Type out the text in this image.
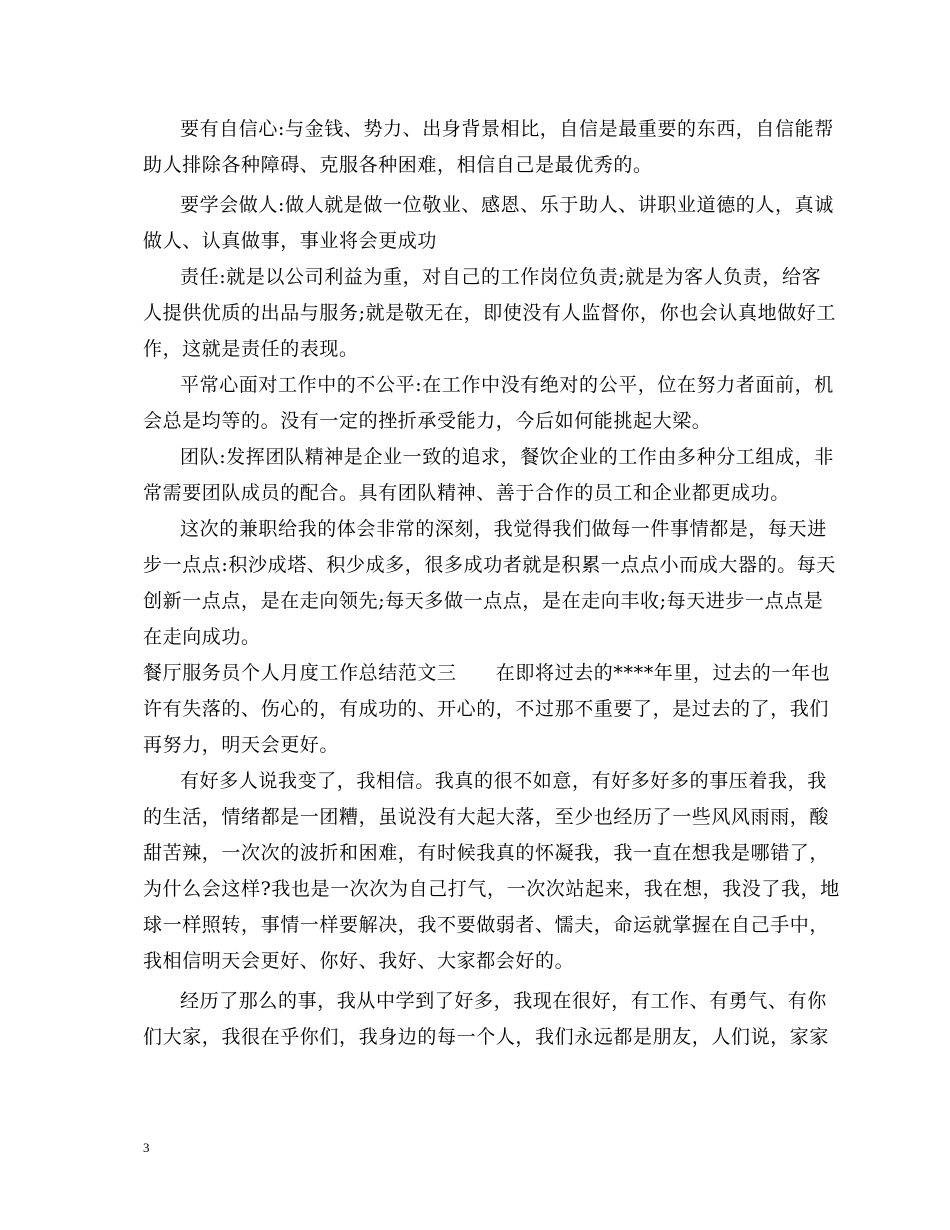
要有自信心:与金钱、势力、出身背景相比，自信是最重要的东西，自信能帮
助人排除各种障碍、克服各种困难，相信自己是最优秀的。
要学会做人:做人就是做一位敬业、感恩、乐于助人、讲职业道德的人，真诚
做人、认真做事，事业将会更成功
责任:就是以公司利益为重，对自己的工作岗位负责;就是为客人负责，给客
人提供优质的出品与服务;就是敬无在，即使没有人监督你，你也会认真地做好工
作，这就是责任的表现。
平常心面对工作中的不公平:在工作中没有绝对的公平，位在努力者面前，机
会总是均等的。没有一定的挫折承受能力，今后如何能挑起大梁。
团队:发挥团队精神是企业一致的追求，餐饮企业的工作由多种分工组成，非
常需要团队成员的配合。具有团队精神、善于合作的员工和企业都更成功。
这次的兼职给我的体会非常的深刻，我觉得我们做每一件事情都是，每天进
步一点点:积沙成塔、积少成多，很多成功者就是积累一点点小而成大器的。每天
创新一点点，是在走向领先;每天多做一点点，是在走向丰收;每天进步一点点是
在走向成功。
餐厅服务员个人月度工作总结范文三　　在即将过去的****年里，过去的一年也
许有失落的、伤心的，有成功的、开心的，不过那不重要了，是过去的了，我们
再努力，明天会更好。
有好多人说我变了，我相信。我真的很不如意，有好多好多的事压着我，我
的生活，情绪都是一团糟，虽说没有大起大落，至少也经历了一些风风雨雨，酸
甜苦辣，一次次的波折和困难，有时候我真的怀凝我，我一直在想我是哪错了，
为什么会这样?我也是一次次为自己打气，一次次站起来，我在想，我没了我，地
球一样照转，事情一样要解决，我不要做弱者、懦夫，命运就掌握在自己手中，
我相信明天会更好、你好、我好、大家都会好的。
经历了那么的事，我从中学到了好多，我现在很好，有工作、有勇气、有你
们大家，我很在乎你们，我身边的每一个人，我们永远都是朋友，人们说，家家
3
